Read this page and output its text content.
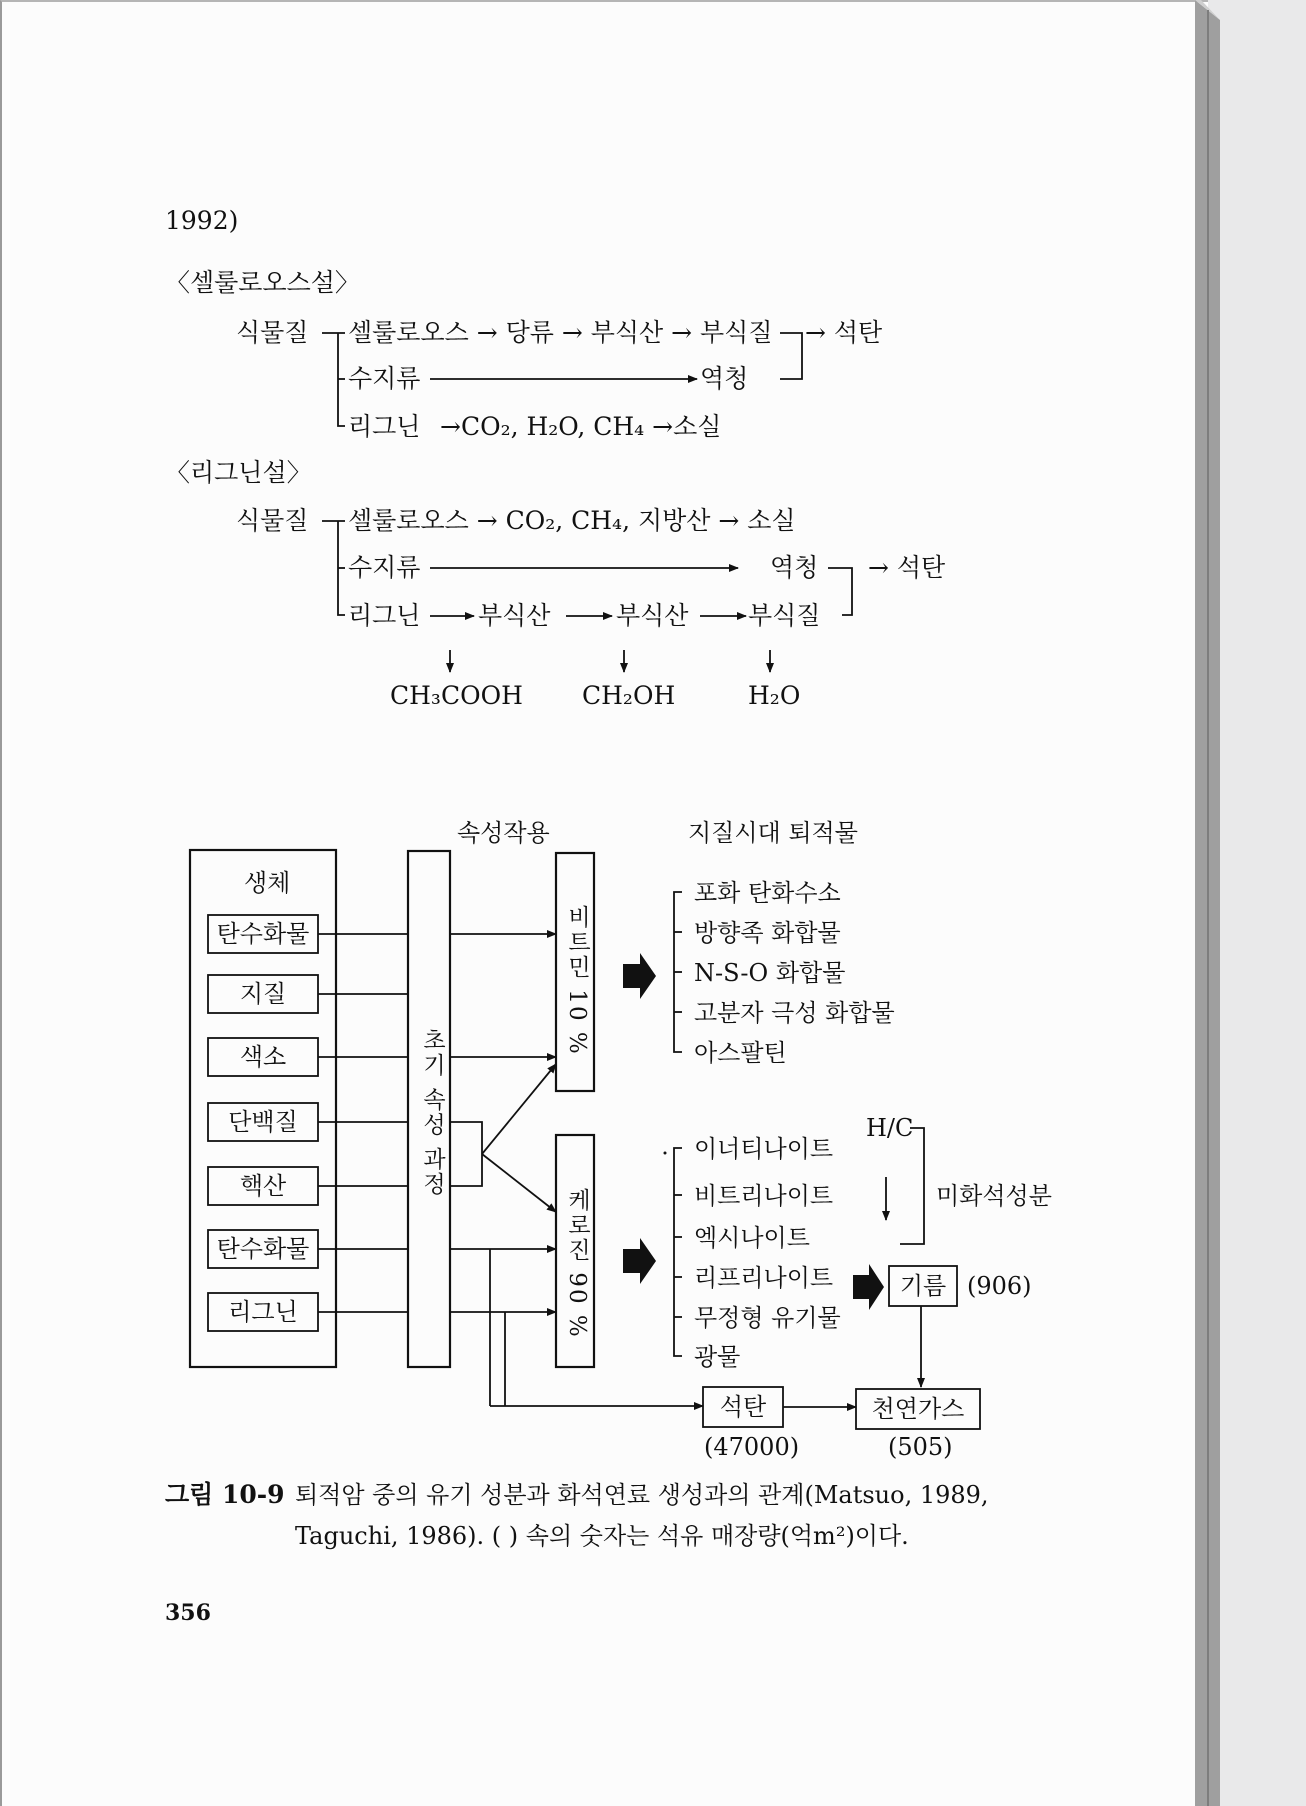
1992)
〈셀룰로오스설〉
식물질 셀룰로오스 → 당류 → 부식산 → 부식질 → 석탄
수지류	역청
리그닌 →CO₂, H₂O, CH₄ →소실
〈리그닌설〉
식물질 셀룰로오스 → CO₂, CH₄, 지방산 → 소실
수지류	역청 → 석탄
리그닌 부식산	부식산 부식질
CH₃COOH CH₂OH	H₂O
속성작용	지질시대 퇴적물
생체
탄수화물
지질
색소
단백질
핵산
탄수화물
리그닌
초기 속성 과정
비트민 10 %
케로진 90 %
포화 탄화수소
방향족 화합물
N-S-O 화합물
고분자 극성 화합물
아스팔틴
이너티나이트
비트리나이트
엑시나이트
리프리나이트
무정형 유기물
광물
H/C
미화석성분
기름 (906)
석탄
(47000)
천연가스
(505)
그림 10-9 퇴적암 중의 유기 성분과 화석연료 생성과의 관계(Matsuo, 1989,
Taguchi, 1986). ( ) 속의 숫자는 석유 매장량(억m²)이다.
356
